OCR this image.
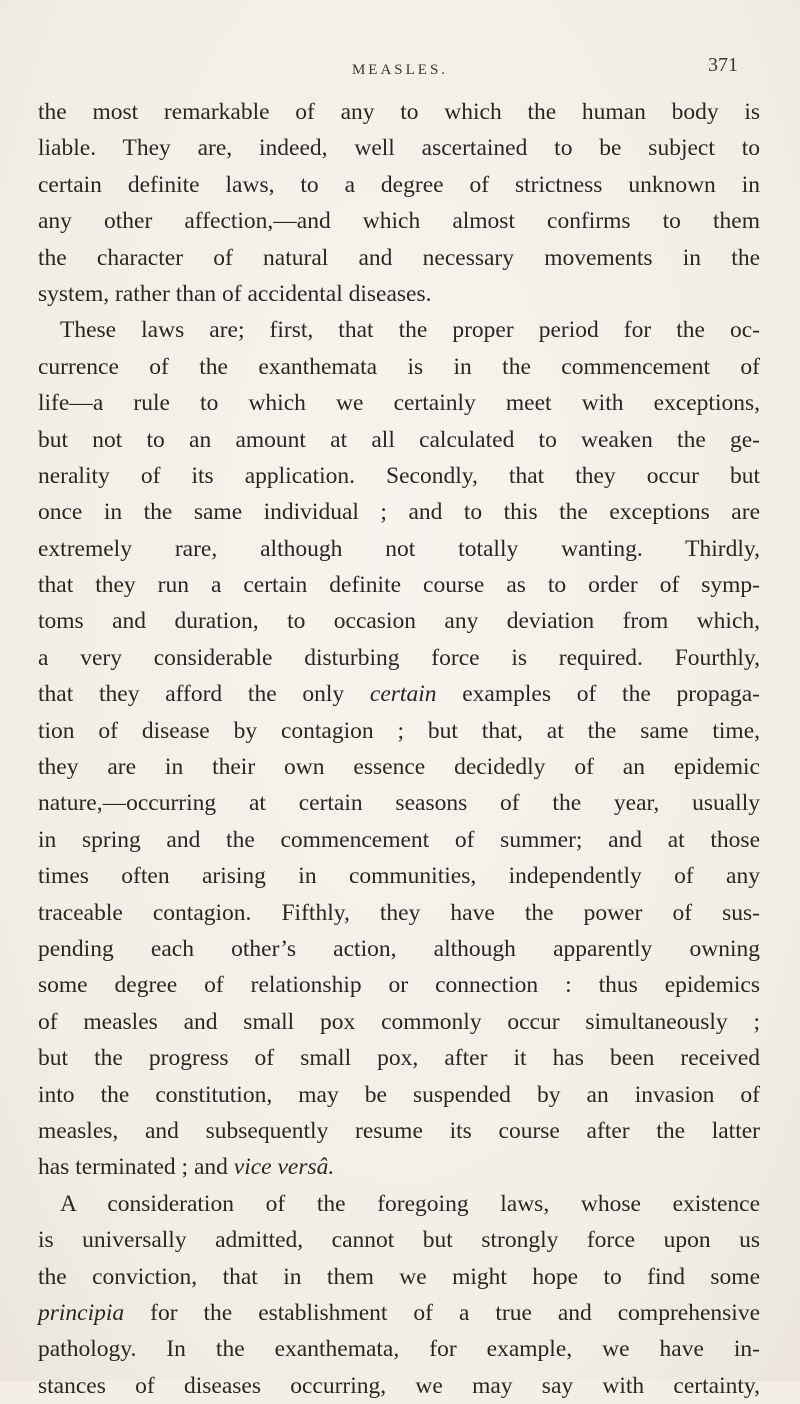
MEASLES.	371
the most remarkable of any to which the human body is
liable. They are, indeed, well ascertained to be subject to
certain definite laws, to a degree of strictness unknown in
any other affection,—and which almost confirms to them
the character of natural and necessary movements in the
system, rather than of accidental diseases.
These laws are; first, that the proper period for the oc-
currence of the exanthemata is in the commencement of
life—a rule to which we certainly meet with exceptions,
but not to an amount at all calculated to weaken the ge-
nerality of its application. Secondly, that they occur but
once in the same individual ; and to this the exceptions are
extremely rare, although not totally wanting. Thirdly,
that they run a certain definite course as to order of symp-
toms and duration, to occasion any deviation from which,
a very considerable disturbing force is required. Fourthly,
that they afford the only certain examples of the propaga-
tion of disease by contagion ; but that, at the same time,
they are in their own essence decidedly of an epidemic
nature,—occurring at certain seasons of the year, usually
in spring and the commencement of summer; and at those
times often arising in communities, independently of any
traceable contagion. Fifthly, they have the power of sus-
pending each other’s action, although apparently owning
some degree of relationship or connection : thus epidemics
of measles and small pox commonly occur simultaneously ;
but the progress of small pox, after it has been received
into the constitution, may be suspended by an invasion of
measles, and subsequently resume its course after the latter
has terminated ; and vice versâ.
A consideration of the foregoing laws, whose existence
is universally admitted, cannot but strongly force upon us
the conviction, that in them we might hope to find some
principia for the establishment of a true and comprehensive
pathology. In the exanthemata, for example, we have in-
stances of diseases occurring, we may say with certainty,
